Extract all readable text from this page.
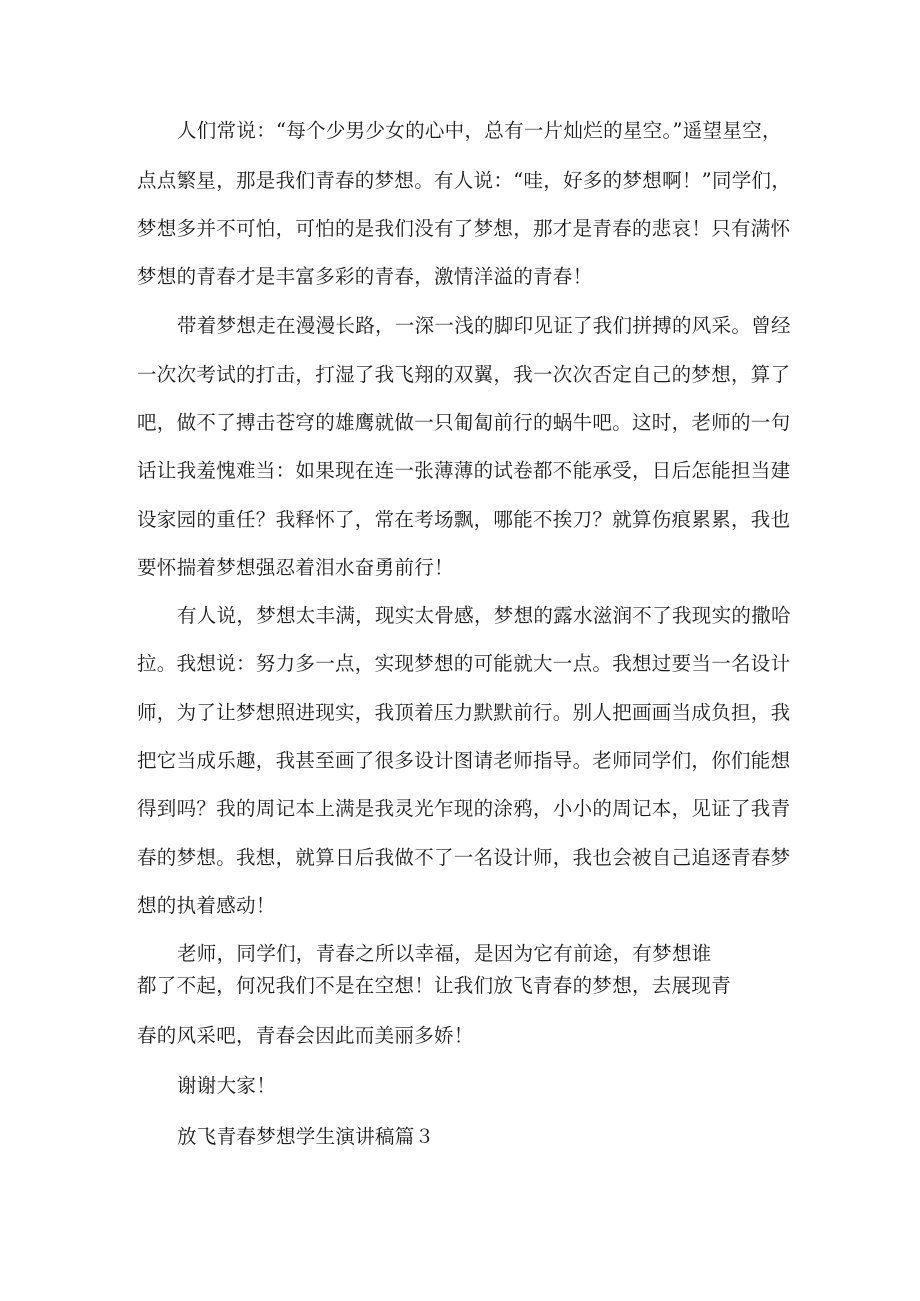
人们常说：“每个少男少女的心中，总有一片灿烂的星空。”遥望星空，
点点繁星，那是我们青春的梦想。有人说：“哇，好多的梦想啊！”同学们，
梦想多并不可怕，可怕的是我们没有了梦想，那才是青春的悲哀！只有满怀
梦想的青春才是丰富多彩的青春，激情洋溢的青春！
带着梦想走在漫漫长路，一深一浅的脚印见证了我们拼搏的风采。曾经
一次次考试的打击，打湿了我飞翔的双翼，我一次次否定自己的梦想，算了
吧，做不了搏击苍穹的雄鹰就做一只匍匐前行的蜗牛吧。这时，老师的一句
话让我羞愧难当：如果现在连一张薄薄的试卷都不能承受，日后怎能担当建
设家园的重任？我释怀了，常在考场飘，哪能不挨刀？就算伤痕累累，我也
要怀揣着梦想强忍着泪水奋勇前行！
有人说，梦想太丰满，现实太骨感，梦想的露水滋润不了我现实的撒哈
拉。我想说：努力多一点，实现梦想的可能就大一点。我想过要当一名设计
师，为了让梦想照进现实，我顶着压力默默前行。别人把画画当成负担，我
把它当成乐趣，我甚至画了很多设计图请老师指导。老师同学们，你们能想
得到吗？我的周记本上满是我灵光乍现的涂鸦，小小的周记本，见证了我青
春的梦想。我想，就算日后我做不了一名设计师，我也会被自己追逐青春梦
想的执着感动！
老师，同学们，青春之所以幸福，是因为它有前途，有梦想谁
都了不起，何况我们不是在空想！让我们放飞青春的梦想，去展现青
春的风采吧，青春会因此而美丽多娇！
谢谢大家！
放飞青春梦想学生演讲稿篇３
